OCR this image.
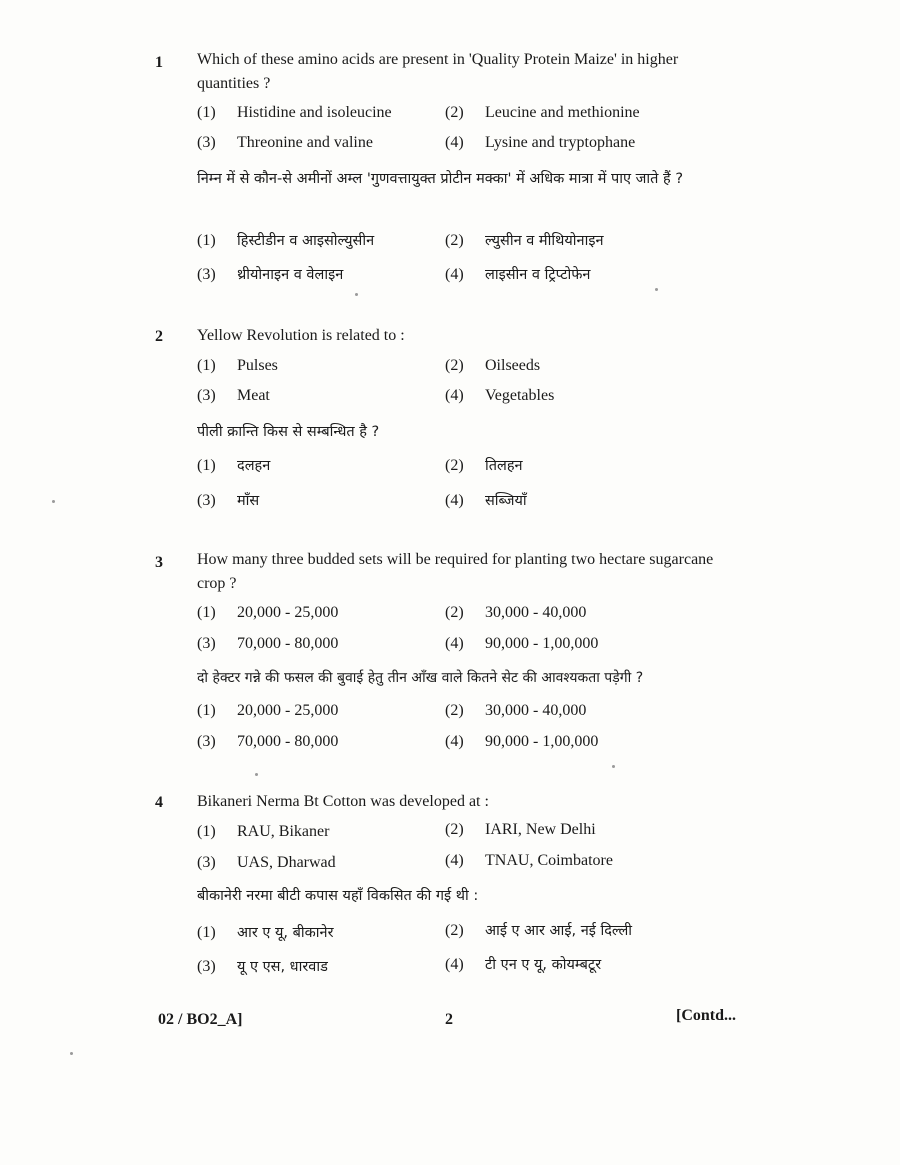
1 Which of these amino acids are present in 'Quality Protein Maize' in higher quantities ?
(1) Histidine and isoleucine	(2) Leucine and methionine
(3) Threonine and valine	(4) Lysine and tryptophane
निम्न में से कौन-से अमीनों अम्ल 'गुणवत्तायुक्त प्रोटीन मक्का' में अधिक मात्रा में पाए जाते हैं ?
(1) हिस्टीडीन व आइसोल्युसीन	(2) ल्युसीन व मीथियोनाइन
(3) थ्रीयोनाइन व वेलाइन	(4) लाइसीन व ट्रिप्टोफेन
2 Yellow Revolution is related to :
(1) Pulses	(2) Oilseeds
(3) Meat	(4) Vegetables
पीली क्रान्ति किस से सम्बन्धित है ?
(1) दलहन	(2) तिलहन
(3) माँस	(4) सब्जियाँ
3 How many three budded sets will be required for planting two hectare sugarcane crop ?
(1) 20,000 - 25,000	(2) 30,000 - 40,000
(3) 70,000 - 80,000	(4) 90,000 - 1,00,000
दो हेक्टर गन्ने की फसल की बुवाई हेतु तीन आँख वाले कितने सेट की आवश्यकता पड़ेगी ?
(1) 20,000 - 25,000	(2) 30,000 - 40,000
(3) 70,000 - 80,000	(4) 90,000 - 1,00,000
4 Bikaneri Nerma Bt Cotton was developed at :
(1) RAU, Bikaner	(2) IARI, New Delhi
(3) UAS, Dharwad	(4) TNAU, Coimbatore
बीकानेरी नरमा बीटी कपास यहाँ विकसित की गई थी :
(1) आर ए यू, बीकानेर	(2) आई ए आर आई, नई दिल्ली
(3) यू ए एस, धारवाड	(4) टी एन ए यू, कोयम्बटूर
02 / BO2_A]	2	[Contd...
